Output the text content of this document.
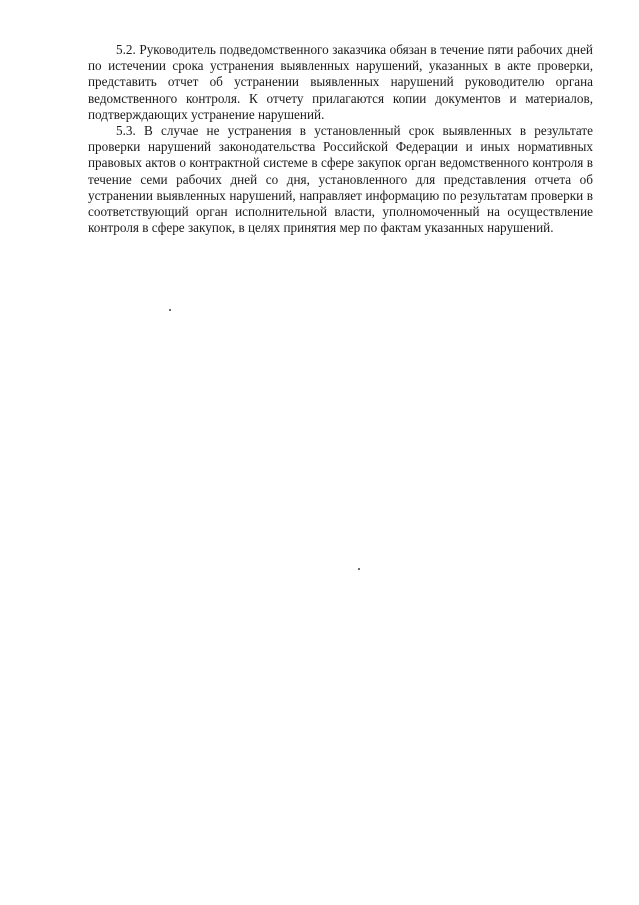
5.2. Руководитель подведомственного заказчика обязан в течение пяти рабочих дней по истечении срока устранения выявленных нарушений, указанных в акте проверки, представить отчет об устранении выявленных нарушений руководителю органа ведомственного контроля. К отчету прилагаются копии документов и материалов, подтверждающих устранение нарушений.

5.3. В случае не устранения в установленный срок выявленных в результате проверки нарушений законодательства Российской Федерации и иных нормативных правовых актов о контрактной системе в сфере закупок орган ведомственного контроля в течение семи рабочих дней со дня, установленного для представления отчета об устранении выявленных нарушений, направляет информацию по результатам проверки в соответствующий орган исполнительной власти, уполномоченный на осуществление контроля в сфере закупок, в целях принятия мер по фактам указанных нарушений.
